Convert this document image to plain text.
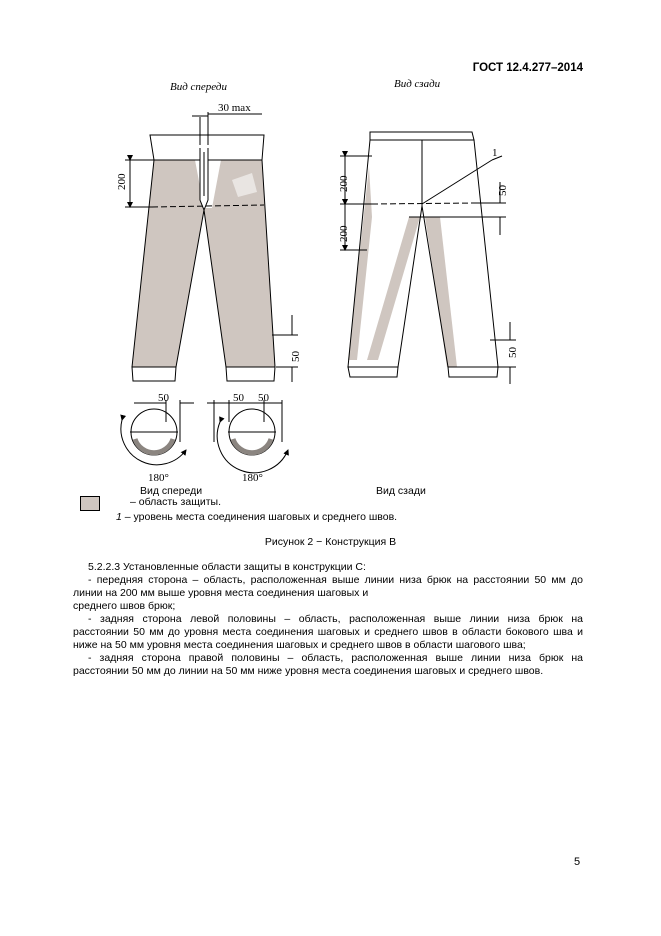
ГОСТ 12.4.277–2014
Вид спереди	Вид сзади
30 max
200
50
50	50 50
180°	180°
1
200
200
50
50
Вид спереди	Вид сзади
– область защиты.
1 – уровень места соединения шаговых и среднего швов.
Рисунок 2 − Конструкция B
5.2.2.3 Установленные области защиты в конструкции С:
- передняя сторона – область, расположенная выше линии низа брюк на расстоянии 50 мм до
линии на 200 мм выше уровня места соединения шаговых и
среднего швов брюк;
- задняя сторона левой половины – область, расположенная выше линии низа брюк на
расстоянии 50 мм до уровня места соединения шаговых и среднего швов в области бокового шва и
ниже на 50 мм уровня места соединения шаговых и среднего швов в области шагового шва;
- задняя сторона правой половины – область, расположенная выше линии низа брюк на
расстоянии 50 мм до линии на 50 мм ниже уровня места соединения шаговых и среднего швов.
5
